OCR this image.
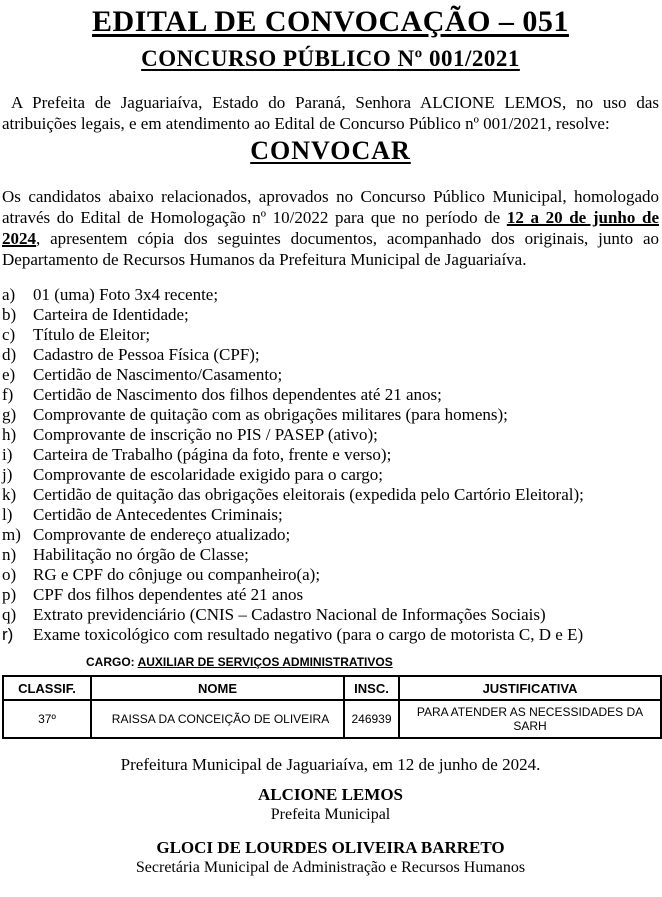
EDITAL DE CONVOCAÇÃO – 051
CONCURSO PÚBLICO Nº 001/2021

A Prefeita de Jaguariaíva, Estado do Paraná, Senhora ALCIONE LEMOS, no uso das atribuições legais, e em atendimento ao Edital de Concurso Público nº 001/2021, resolve:

CONVOCAR

Os candidatos abaixo relacionados, aprovados no Concurso Público Municipal, homologado através do Edital de Homologação nº 10/2022 para que no período de 12 a 20 de junho de 2024, apresentem cópia dos seguintes documentos, acompanhado dos originais, junto ao Departamento de Recursos Humanos da Prefeitura Municipal de Jaguariaíva.

a)	01 (uma) Foto 3x4 recente;
b) Carteira de Identidade;
c)	Título de Eleitor;
d) Cadastro de Pessoa Física (CPF);
e)	Certidão de Nascimento/Casamento;
f)	Certidão de Nascimento dos filhos dependentes até 21 anos;
g) Comprovante de quitação com as obrigações militares (para homens);
h) Comprovante de inscrição no PIS / PASEP (ativo);
i)	Carteira de Trabalho (página da foto, frente e verso);
j)	Comprovante de escolaridade exigido para o cargo;
k) Certidão de quitação das obrigações eleitorais (expedida pelo Cartório Eleitoral);
l)	Certidão de Antecedentes Criminais;
m) Comprovante de endereço atualizado;
n) Habilitação no órgão de Classe;
o) RG e CPF do cônjuge ou companheiro(a);
p) CPF dos filhos dependentes até 21 anos
q) Extrato previdenciário (CNIS – Cadastro Nacional de Informações Sociais)
r)	Exame toxicológico com resultado negativo (para o cargo de motorista C, D e E)
CARGO: AUXILIAR DE SERVIÇOS ADMINISTRATIVOS
CLASSIF.	NOME	INSC.	JUSTIFICATIVA
37º	RAISSA DA CONCEIÇÃO DE OLIVEIRA	246939	PARA ATENDER AS NECESSIDADES DA SARH

Prefeitura Municipal de Jaguariaíva, em 12 de junho de 2024.

ALCIONE LEMOS
Prefeita Municipal
GLOCI DE LOURDES OLIVEIRA BARRETO
Secretária Municipal de Administração e Recursos Humanos
